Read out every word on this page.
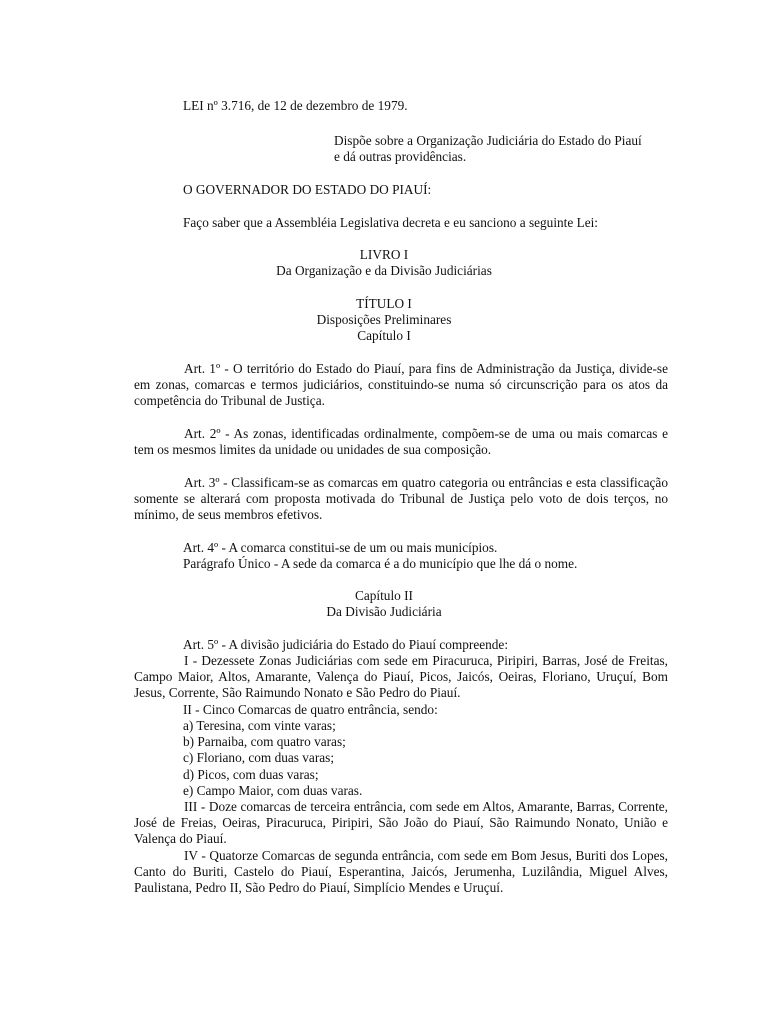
LEI nº 3.716, de 12 de dezembro de 1979.

Dispõe sobre a Organização Judiciária do Estado do Piauí

e dá outras providências.

O GOVERNADOR DO ESTADO DO PIAUÍ:

Faço saber que a Assembléia Legislativa decreta e eu sanciono a seguinte Lei:

LIVRO I

Da Organização e da Divisão Judiciárias

TÍTULO I

Disposições Preliminares

Capítulo I

Art. 1º - O território do Estado do Piauí, para fins de Administração da Justiça, divide-se em zonas, comarcas e termos judiciários, constituindo-se numa só circunscrição para os atos da competência do Tribunal de Justiça.

Art. 2º - As zonas, identificadas ordinalmente, compõem-se de uma ou mais comarcas e tem os mesmos limites da unidade ou unidades de sua composição.

Art. 3º - Classificam-se as comarcas em quatro categoria ou entrâncias e esta classificação somente se alterará com proposta motivada do Tribunal de Justiça pelo voto de dois terços, no mínimo, de seus membros efetivos.

Art. 4º - A comarca constitui-se de um ou mais municípios.

Parágrafo Único - A sede da comarca é a do município que lhe dá o nome.

Capítulo II

Da Divisão Judiciária

Art. 5º - A divisão judiciária do Estado do Piauí compreende:

I - Dezessete Zonas Judiciárias com sede em Piracuruca, Piripiri, Barras, José de Freitas, Campo Maior, Altos, Amarante, Valença do Piauí, Picos, Jaicós, Oeiras, Floriano, Uruçuí, Bom Jesus, Corrente, São Raimundo Nonato e São Pedro do Piauí.

II - Cinco Comarcas de quatro entrância, sendo:

a) Teresina, com vinte varas;

b) Parnaiba, com quatro varas;

c) Floriano, com duas varas;

d) Picos, com duas varas;

e) Campo Maior, com duas varas.

III - Doze comarcas de terceira entrância, com sede em Altos, Amarante, Barras, Corrente, José de Freias, Oeiras, Piracuruca, Piripiri, São João do Piauí, São Raimundo Nonato, União e Valença do Piauí.

IV - Quatorze Comarcas de segunda entrância, com sede em Bom Jesus, Buriti dos Lopes, Canto do Buriti, Castelo do Piauí, Esperantina, Jaicós, Jerumenha, Luzilândia, Miguel Alves, Paulistana, Pedro II, São Pedro do Piauí, Simplício Mendes e Uruçuí.
